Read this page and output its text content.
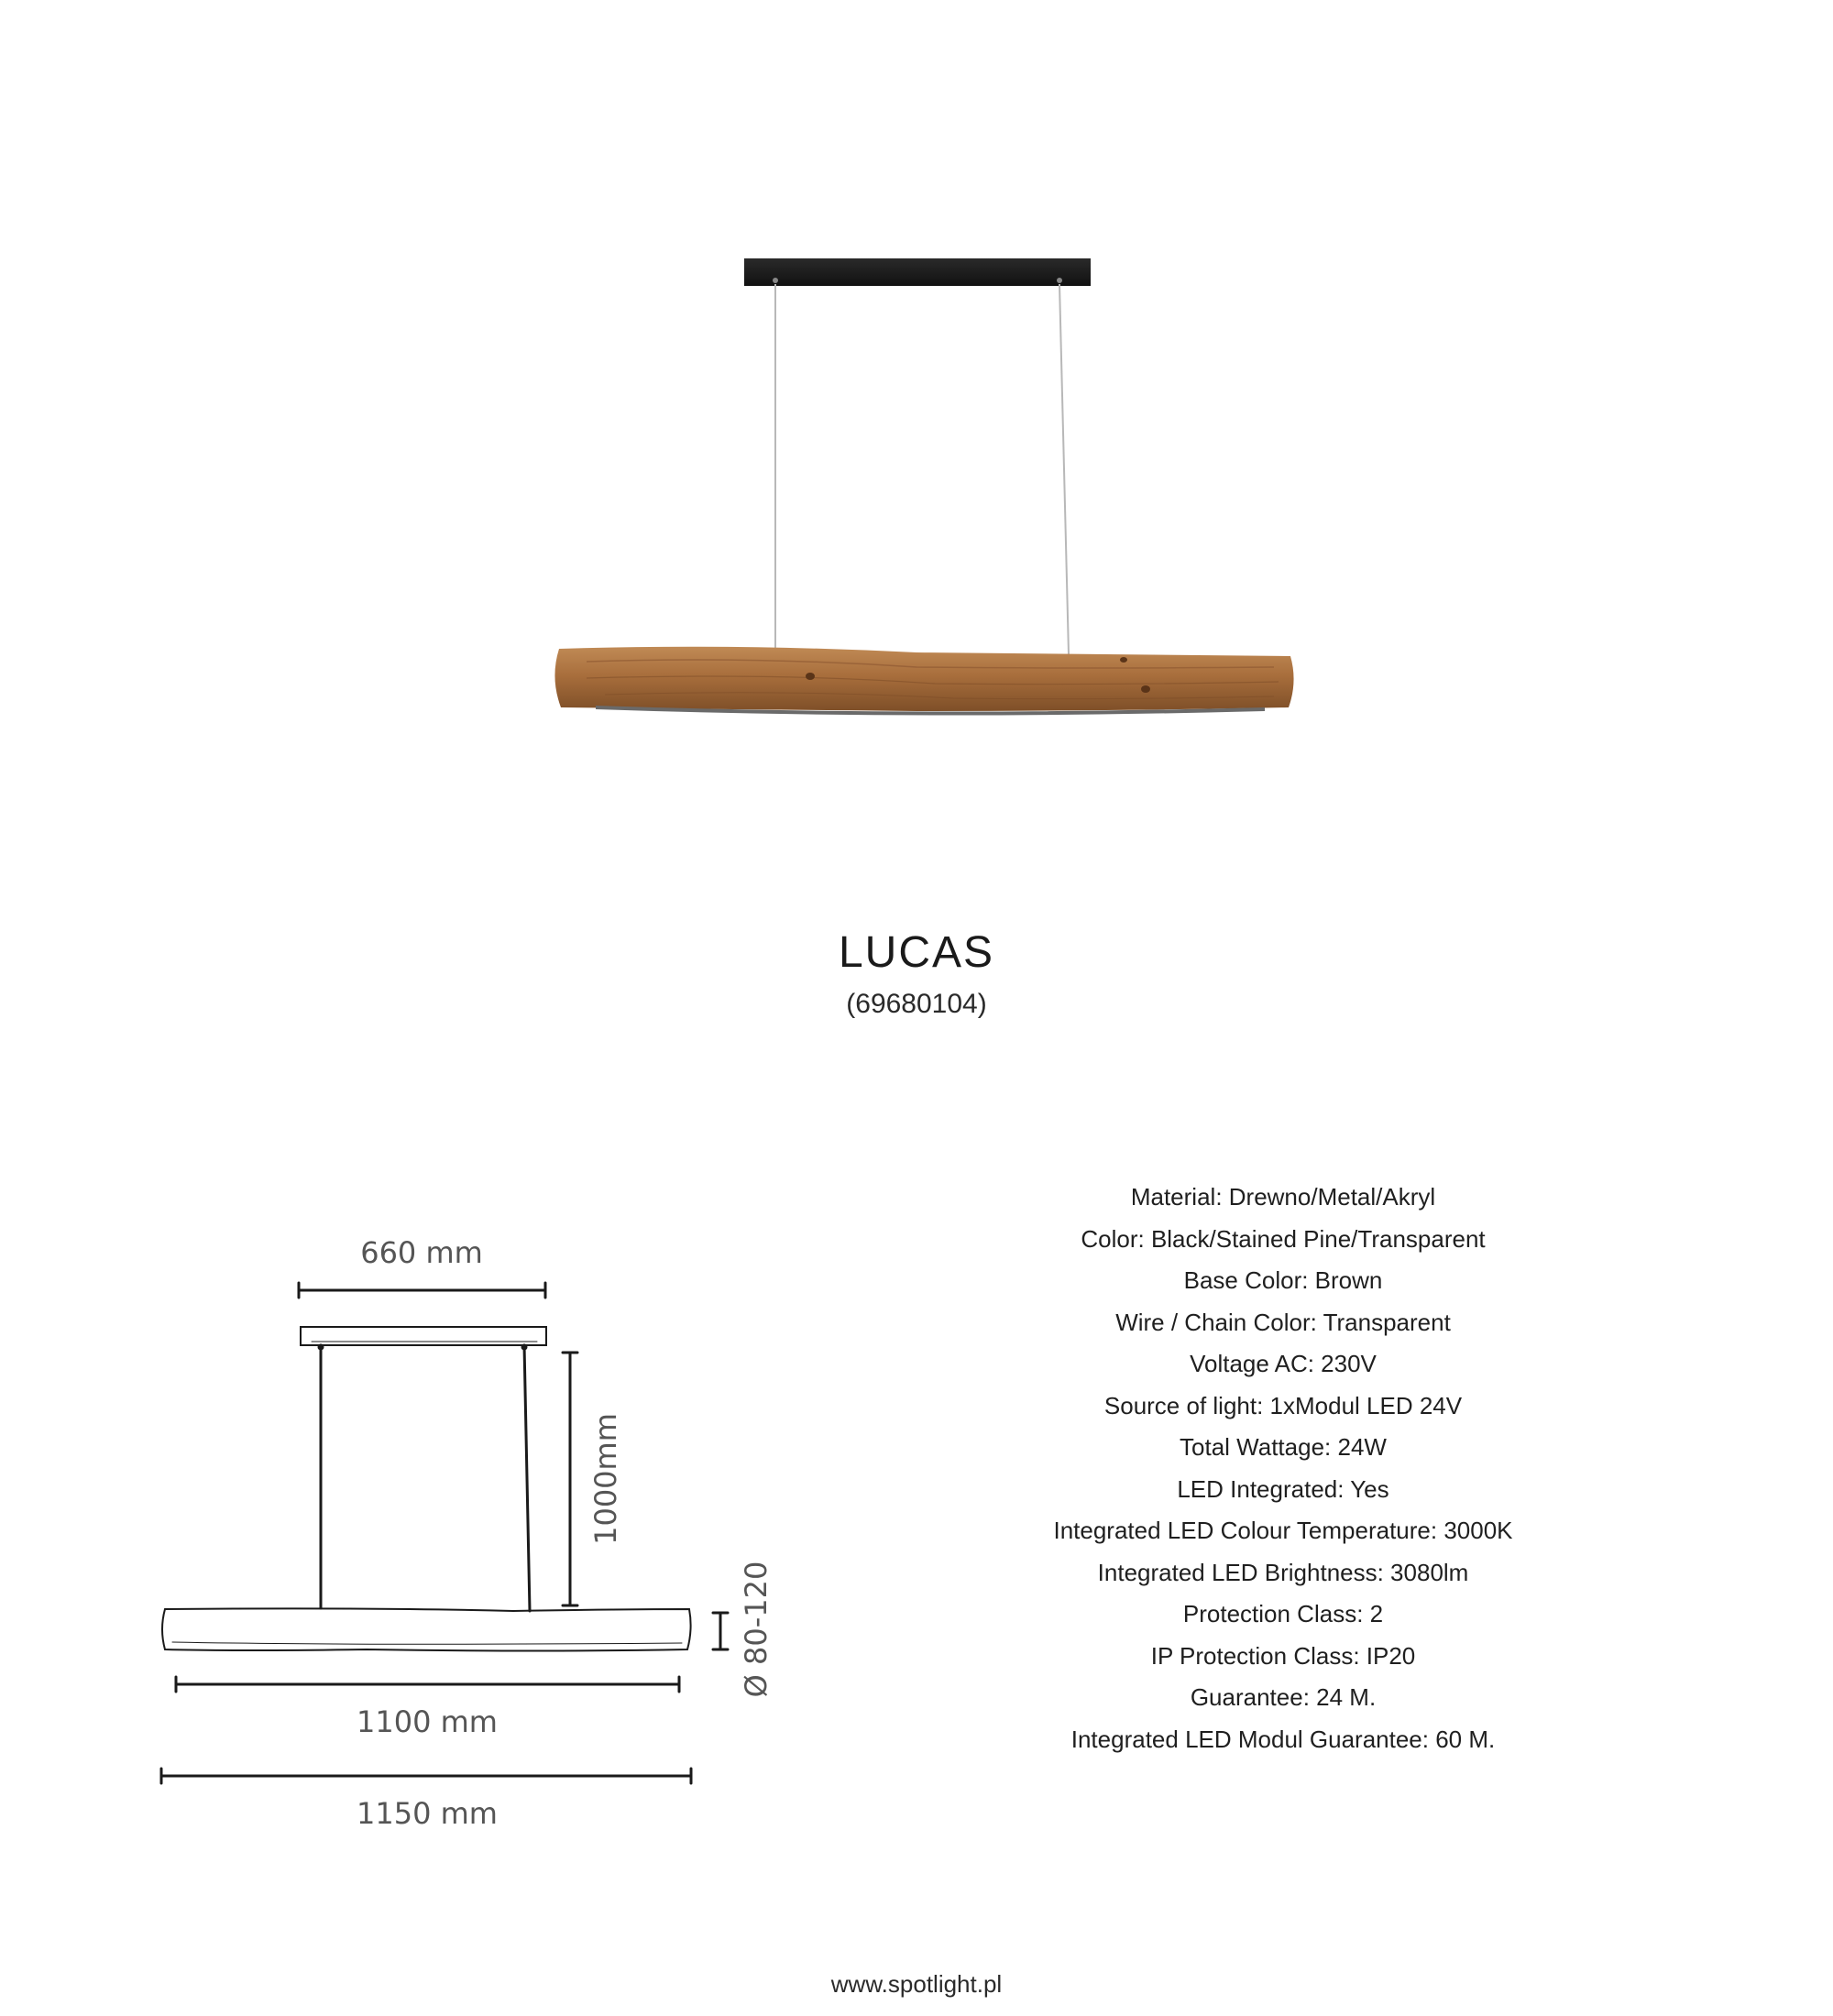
LUCAS
(69680104)
660 mm
1000mm
Ø 80-120
1100 mm
1150 mm
Material: Drewno/Metal/Akryl
Color: Black/Stained Pine/Transparent
Base Color: Brown
Wire / Chain Color: Transparent
Voltage AC: 230V
Source of light: 1xModul LED 24V
Total Wattage: 24W
LED Integrated: Yes
Integrated LED Colour Temperature: 3000K
Integrated LED Brightness: 3080lm
Protection Class: 2
IP Protection Class: IP20
Guarantee: 24 M.
Integrated LED Modul Guarantee: 60 M.
www.spotlight.pl
